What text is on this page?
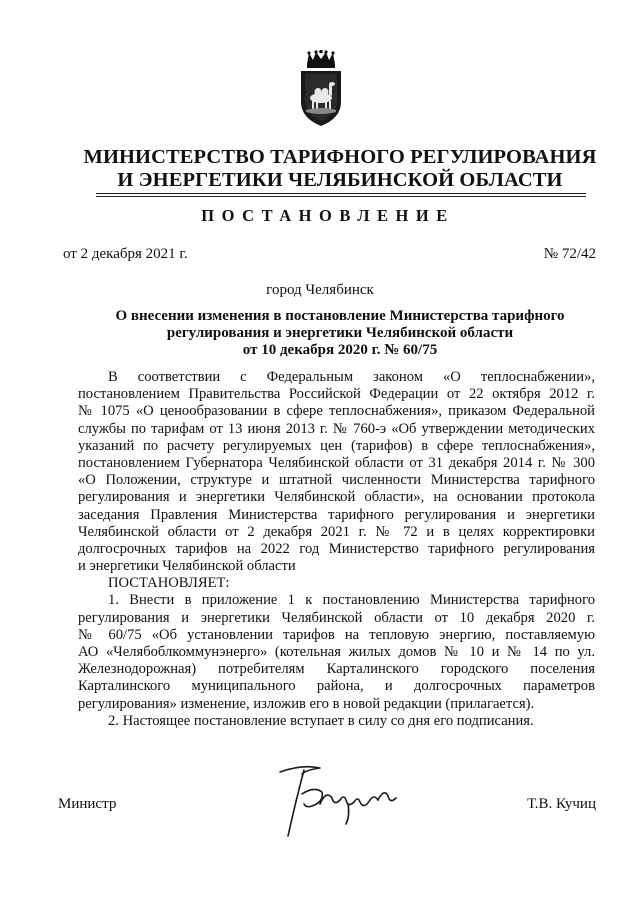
МИНИСТЕРСТВО ТАРИФНОГО РЕГУЛИРОВАНИЯ
И ЭНЕРГЕТИКИ ЧЕЛЯБИНСКОЙ ОБЛАСТИ
ПОСТАНОВЛЕНИЕ
от 2 декабря 2021 г.	№ 72/42
город Челябинск
О внесении изменения в постановление Министерства тарифного
регулирования и энергетики Челябинской области
от 10 декабря 2020 г. № 60/75
В соответствии с Федеральным законом «О теплоснабжении»,
постановлением Правительства Российской Федерации от 22 октября 2012 г.
№ 1075 «О ценообразовании в сфере теплоснабжения», приказом Федеральной
службы по тарифам от 13 июня 2013 г. № 760-э «Об утверждении методических
указаний по расчету регулируемых цен (тарифов) в сфере теплоснабжения»,
постановлением Губернатора Челябинской области от 31 декабря 2014 г. № 300
«О Положении, структуре и штатной численности Министерства тарифного
регулирования и энергетики Челябинской области», на основании протокола
заседания Правления Министерства тарифного регулирования и энергетики
Челябинской области от 2 декабря 2021 г. № 72 и в целях корректировки
долгосрочных тарифов на 2022 год Министерство тарифного регулирования
и энергетики Челябинской области
ПОСТАНОВЛЯЕТ:
1. Внести в приложение 1 к постановлению Министерства тарифного
регулирования и энергетики Челябинской области от 10 декабря 2020 г.
№ 60/75 «Об установлении тарифов на тепловую энергию, поставляемую
АО «Челябоблкоммунэнерго» (котельная жилых домов № 10 и № 14 по ул.
Железнодорожная) потребителям Карталинского городского поселения
Карталинского муниципального района, и долгосрочных параметров
регулирования» изменение, изложив его в новой редакции (прилагается).
2. Настоящее постановление вступает в силу со дня его подписания.
Министр	Т.В. Кучиц
